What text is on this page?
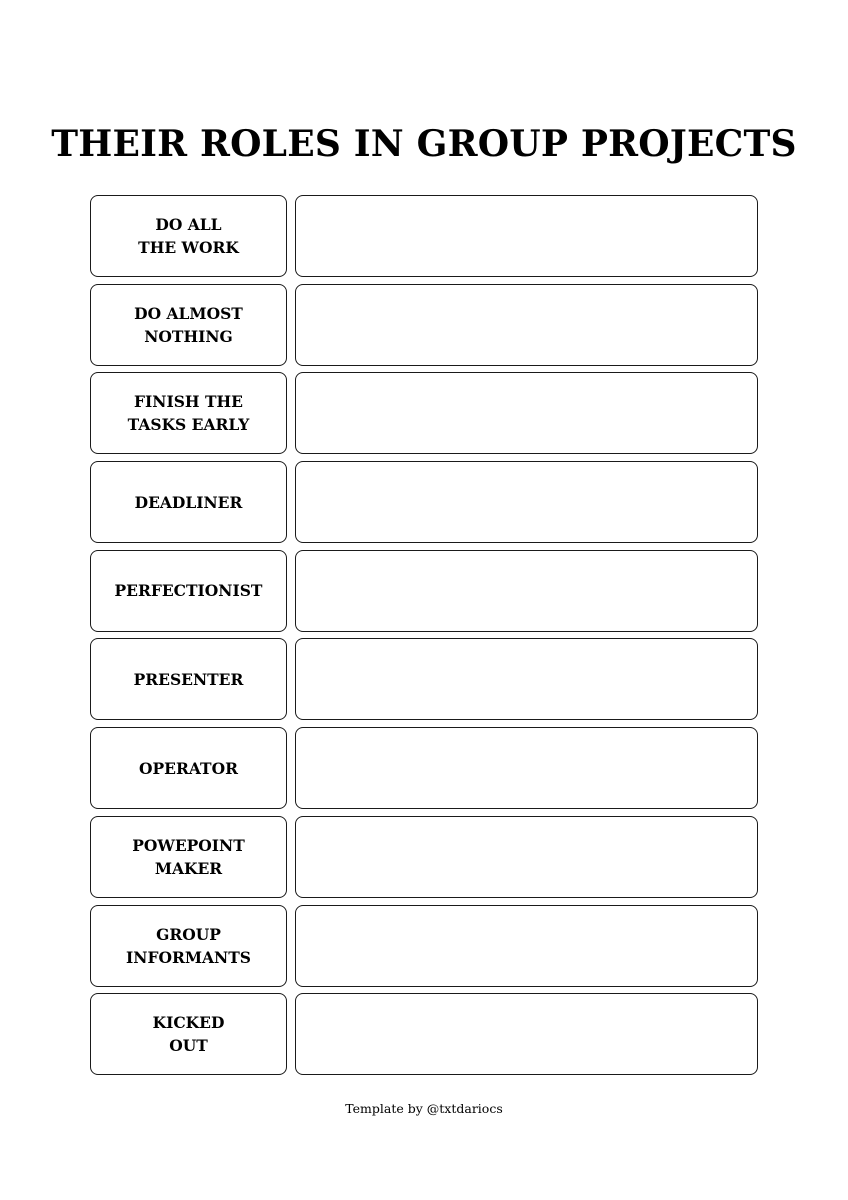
THEIR ROLES IN GROUP PROJECTS
DO ALL
THE WORK
DO ALMOST
NOTHING
FINISH THE
TASKS EARLY
DEADLINER
PERFECTIONIST
PRESENTER
OPERATOR
POWEPOINT
MAKER
GROUP
INFORMANTS
KICKED
OUT
Template by @txtdariocs
